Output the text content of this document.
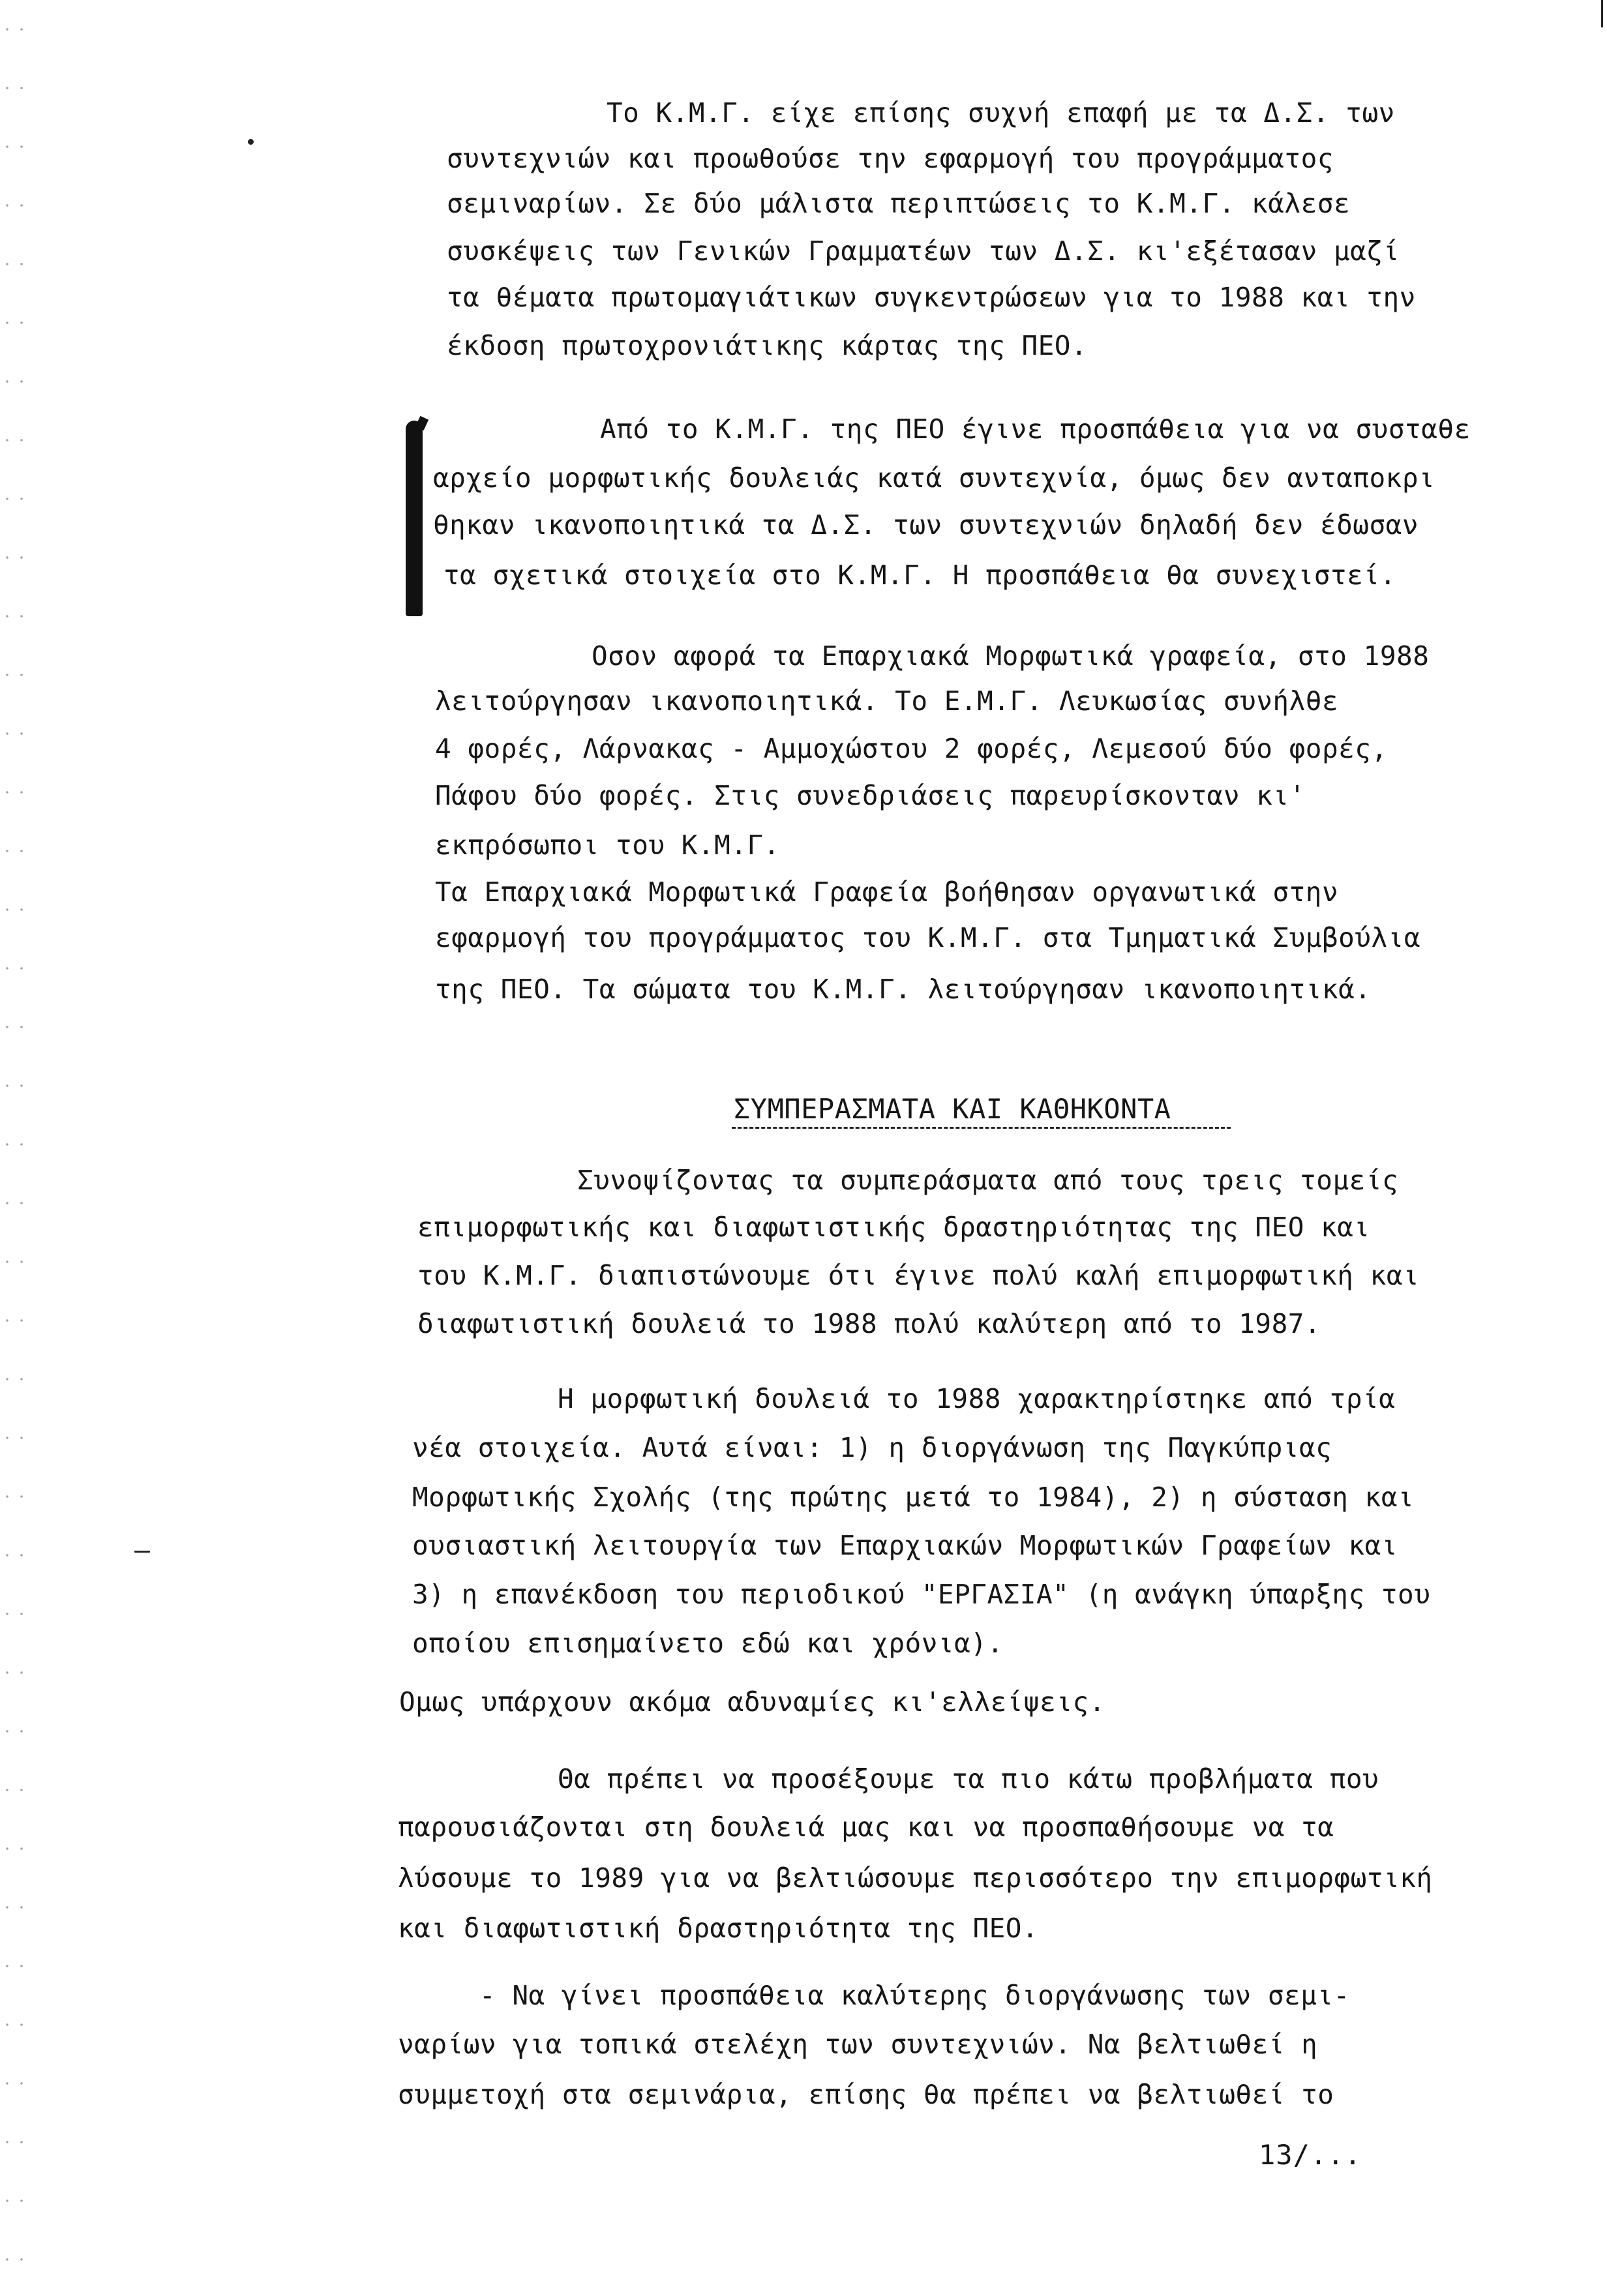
Το Κ.Μ.Γ. είχε επίσης συχνή επαφή με τα Δ.Σ. των
συντεχνιών και προωθούσε την εφαρμογή του προγράμματος
σεμιναρίων. Σε δύο μάλιστα περιπτώσεις το Κ.Μ.Γ. κάλεσε
συσκέψεις των Γενικών Γραμματέων των Δ.Σ. κι'εξέτασαν μαζί
τα θέματα πρωτομαγιάτικων συγκεντρώσεων για το 1988 και την
έκδοση πρωτοχρονιάτικης κάρτας της ΠΕΟ.
Από το Κ.Μ.Γ. της ΠΕΟ έγινε προσπάθεια για να συσταθε
αρχείο μορφωτικής δουλειάς κατά συντεχνία, όμως δεν ανταποκρι
θηκαν ικανοποιητικά τα Δ.Σ. των συντεχνιών δηλαδή δεν έδωσαν
τα σχετικά στοιχεία στο Κ.Μ.Γ. Η προσπάθεια θα συνεχιστεί.
Οσον αφορά τα Επαρχιακά Μορφωτικά γραφεία, στο 1988
λειτούργησαν ικανοποιητικά. Το Ε.Μ.Γ. Λευκωσίας συνήλθε
4 φορές, Λάρνακας - Αμμοχώστου 2 φορές, Λεμεσού δύο φορές,
Πάφου δύο φορές. Στις συνεδριάσεις παρευρίσκονταν κι'
εκπρόσωποι του Κ.Μ.Γ.
Τα Επαρχιακά Μορφωτικά Γραφεία βοήθησαν οργανωτικά στην
εφαρμογή του προγράμματος του Κ.Μ.Γ. στα Τμηματικά Συμβούλια
της ΠΕΟ. Τα σώματα του Κ.Μ.Γ. λειτούργησαν ικανοποιητικά.
ΣΥΜΠΕΡΑΣΜΑΤΑ ΚΑΙ ΚΑΘΗΚΟΝΤΑ
Συνοψίζοντας τα συμπεράσματα από τους τρεις τομείς
επιμορφωτικής και διαφωτιστικής δραστηριότητας της ΠΕΟ και
του Κ.Μ.Γ. διαπιστώνουμε ότι έγινε πολύ καλή επιμορφωτική και
διαφωτιστική δουλειά το 1988 πολύ καλύτερη από το 1987.
Η μορφωτική δουλειά το 1988 χαρακτηρίστηκε από τρία
νέα στοιχεία. Αυτά είναι: 1) η διοργάνωση της Παγκύπριας
Μορφωτικής Σχολής (της πρώτης μετά το 1984), 2) η σύσταση και
ουσιαστική λειτουργία των Επαρχιακών Μορφωτικών Γραφείων και
3) η επανέκδοση του περιοδικού "ΕΡΓΑΣΙΑ" (η ανάγκη ύπαρξης του
οποίου επισημαίνετο εδώ και χρόνια).
Ομως υπάρχουν ακόμα αδυναμίες κι'ελλείψεις.
Θα πρέπει να προσέξουμε τα πιο κάτω προβλήματα που
παρουσιάζονται στη δουλειά μας και να προσπαθήσουμε να τα
λύσουμε το 1989 για να βελτιώσουμε περισσότερο την επιμορφωτική
και διαφωτιστική δραστηριότητα της ΠΕΟ.
- Να γίνει προσπάθεια καλύτερης διοργάνωσης των σεμι-
ναρίων για τοπικά στελέχη των συντεχνιών. Να βελτιωθεί η
συμμετοχή στα σεμινάρια, επίσης θα πρέπει να βελτιωθεί το
13/...
